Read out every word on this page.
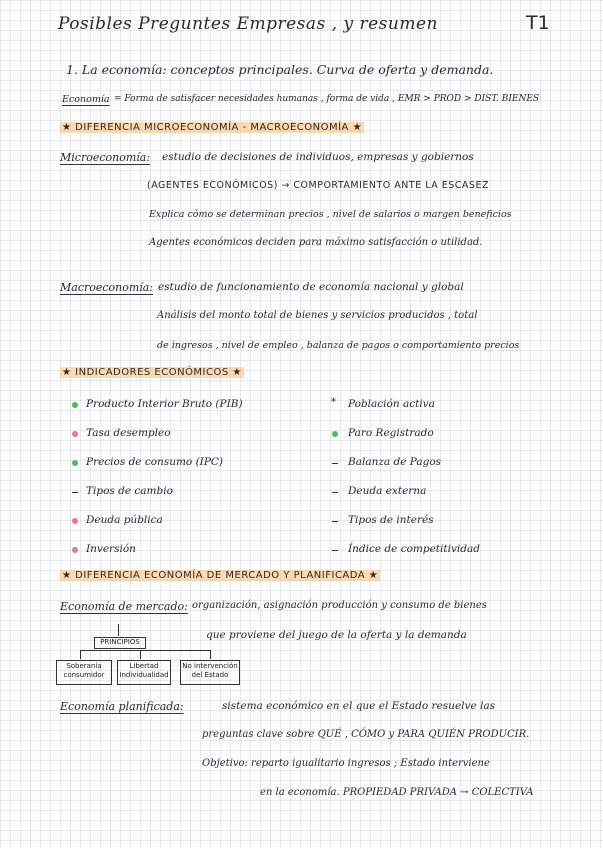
Posibles Preguntes Empresas , y resumen	T1
1. La economía: conceptos principales. Curva de oferta y demanda.
Economía = Forma de satisfacer necesidades humanas , forma de vida , EMR > PROD > DIST. BIENES
★ DIFERENCIA MICROECONOMÍA - MACROECONOMÍA ★
Microeconomía: estudio de decisiones de individuos, empresas y gobiernos
(AGENTES ECONÓMICOS) → COMPORTAMIENTO ANTE LA ESCASEZ
Explica cómo se determinan precios , nivel de salarios o margen beneficios
Agentes económicos deciden para máximo satisfacción o utilidad.
Macroeconomía: estudio de funcionamiento de economía nacional y global
Análisis del monto total de bienes y servicios producidos , total
de ingresos , nivel de empleo , balanza de pagos o comportamiento precios
★ INDICADORES ECONÓMICOS ★
Producto Interior Bruto (PIB)
Tasa desempleo
Precios de consumo (IPC)
Tipos de cambio
Deuda pública
Inversión
* Población activa
Paro Registrado
Balanza de Pagos
Deuda externa
Tipos de interés
Índice de competitividad
★ DIFERENCIA ECONOMÍA DE MERCADO Y PLANIFICADA ★
Economía de mercado: organización, asignación producción y consumo de bienes
que proviene del juego de la oferta y la demanda
PRINCIPIOS
Soberanía consumidor
Libertad Individualidad
No intervención del Estado
Economía planificada:	sistema económico en el que el Estado resuelve las
preguntas clave sobre QUÉ , CÓMO y PARA QUIÉN PRODUCIR.
Objetivo: reparto igualitario ingresos ; Estado interviene
en la economía. PROPIEDAD PRIVADA → COLECTIVA
